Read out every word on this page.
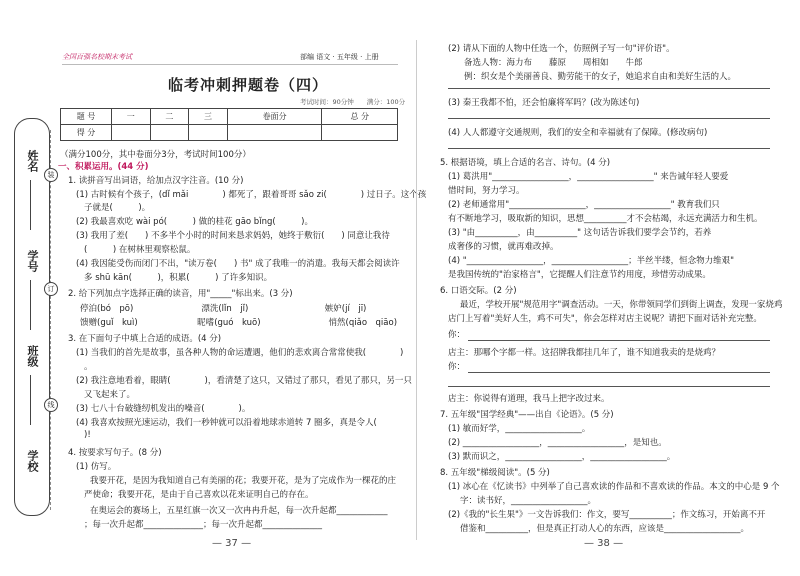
姓名
学号
班级
学校
装
订
线
全国百强名校期末考试	部编 语文 · 五年级 · 上册
临考冲刺押题卷（四）
考试时间：90分钟　　满分：100分
题 号	一	二	三	卷面分	总 分
得 分					
（满分100分，其中卷面分3分，考试时间100分）
一、积累运用。(44 分)
1. 读拼音写出词语，给加点汉字注音。(10 分)
(1) 古时候有个孩子，(dǐ mǎi　　　　) 都死了，跟着哥哥 sǎo zi(　　　　) 过日子。这个孩
子就是(　　　)。
(2) 我最喜欢吃 wài pó(　　　) 做的桂花 gāo bǐng(　　　)。
(3) 我用了差(　　) 不多半个小时的时间来恳求妈妈，她终于敷衍(　　) 同意让我待
(　　　) 在树林里观察松鼠。
(4) 我因能受伤而闭门不出，"读万卷(　　) 书" 成了我唯一的消遣。我每天都会阅读许
多 shū kān(　　　)，积累(　　　) 了许多知识。
2. 给下列加点字选择正确的读音，用"_____"标出来。(3 分)
停泊(bó　pō)　　　　　　　　漂洗(lǐn　jǐ)　　　　　　　　　嫉妒(jí　jī)
馈赠(guǐ　kuì)　　　　　　　昵嗜(guó　kuō)　　　　　　　　悄然(qiǎo　qiāo)
3. 在下面句子中填上合适的成语。(4 分)
(1) 当我们的首先是故事，虽各种人物的命运遭遇，他们的悲欢离合常常使我(　　　　)
。
(2) 我注意地看着，眼睛(　　　　)，看清楚了这只，又错过了那只，看见了那只，另一只
又飞起来了。
(3) 七八十台破缝纫机发出的噪音(　　　　)。
(4) 我喜欢按照光速运动，我们一秒钟就可以沿着地球赤道转 7 圈多，真是令人(　　　
)!
4. 按要求写句子。(8 分)
(1) 仿写。
我要开花，是因为我知道自己有美丽的花；我要开花，是为了完成作为一棵花的庄
严使命；我要开花，是由于自己喜欢以花来证明自己的存在。
在奥运会的赛场上，五星红旗一次又一次冉冉升起，每一次升起都____________
；每一次升起都______________；每一次升起都______________
— 37 —
(2) 请从下面的人物中任选一个，仿照例子写一句"评价语"。
备选人物：海力布　　藤原　　周相如　　牛郎
例：织女是个美丽善良、勤劳能干的女子，她追求自由和美好生活的人。
(3) 秦王我都不怕，还会怕廉将军吗？(改为陈述句)
(4) 人人都遵守交通规则，我们的安全和幸福就有了保障。(修改病句)
5. 根据语境，填上合适的名言、诗句。(4 分)
(1) 葛洪用"__________________，__________________" 来告诫年轻人要爱
惜时间，努力学习。
(2) 老师通常用"__________________，__________________" 教育我们只
有不断地学习，吸取新的知识，思想__________才不会枯竭，永远充满活力和生机。
(3) "由__________，由__________" 这句话告诉我们要学会节约，若养
成奢侈的习惯，就再难改掉。
(4) "__________________，__________________；半丝半缕，恒念物力维艰"
是我国传统的"治家格言"，它提醒人们注意节约用度，珍惜劳动成果。
6. 口语交际。(2 分)
最近，学校开展"规范用字"调查活动。一天，你带领同学们到街上调查，发现一家烧鸡
店门上写着"美好人生，鸡不可失"，你会怎样对店主说呢？请把下面对话补充完整。
你：
店主：那哪个字都一样。这招牌我都挂几年了，谁不知道我卖的是烧鸡？
你：
店主：你说得有道理，我马上把字改过来。
7. 五年级"国学经典"——出自《论语》。(5 分)
(1) 敏而好学，__________________。
(2) __________________，__________________，是知也。
(3) 默而识之，__________________，__________________。
8. 五年级"梯级阅读"。(5 分)
(1) 冰心在《忆读书》中列举了自己喜欢读的作品和不喜欢读的作品。本文的中心是 9 个
字：读书好，__________________。
(2)《我的"长生果"》一文告诉我们：作文，要写__________；作文练习，开始离不开
借鉴和__________，但是真正打动人心的东西，应该是__________________。
— 38 —
